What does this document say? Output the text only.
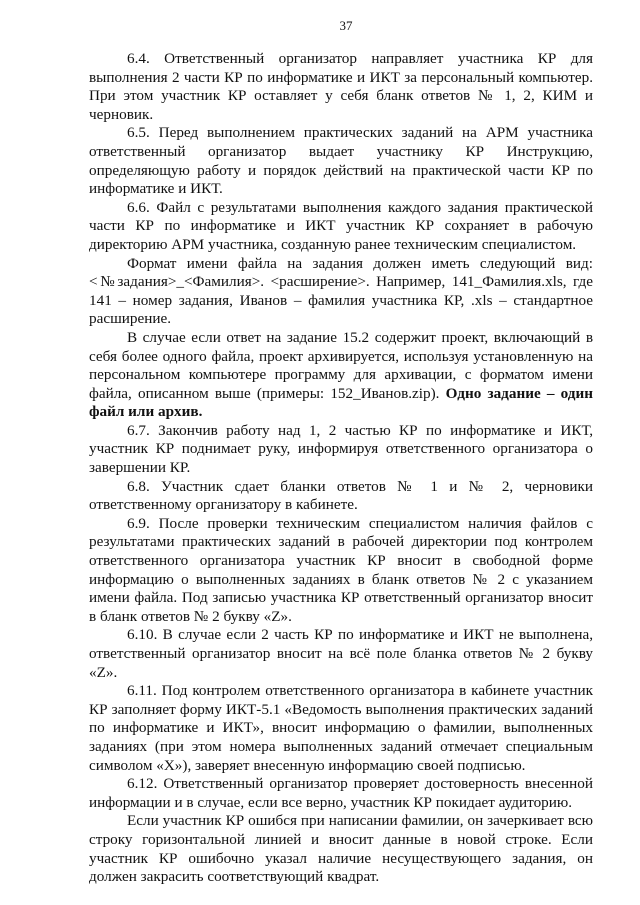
37

6.4. Ответственный организатор направляет участника КР для выполнения 2 части КР по информатике и ИКТ за персональный компьютер. При этом участник КР оставляет у себя бланк ответов № 1, 2, КИМ и черновик.

6.5. Перед выполнением практических заданий на АРМ участника ответственный организатор выдает участнику КР Инструкцию, определяющую работу и порядок действий на практической части КР по информатике и ИКТ.

6.6. Файл с результатами выполнения каждого задания практической части КР по информатике и ИКТ участник КР сохраняет в рабочую директорию АРМ участника, созданную ранее техническим специалистом.

Формат имени файла на задания должен иметь следующий вид: <№задания>_<Фамилия>. <расширение>. Например, 141_Фамилия.xls, где 141 – номер задания, Иванов – фамилия участника КР, .xls – стандартное расширение.

В случае если ответ на задание 15.2 содержит проект, включающий в себя более одного файла, проект архивируется, используя установленную на персональном компьютере программу для архивации, с форматом имени файла, описанном выше (примеры: 152_Иванов.zip). Одно задание – один файл или архив.

6.7. Закончив работу над 1, 2 частью КР по информатике и ИКТ, участник КР поднимает руку, информируя ответственного организатора о завершении КР.

6.8. Участник сдает бланки ответов № 1 и № 2, черновики ответственному организатору в кабинете.

6.9. После проверки техническим специалистом наличия файлов с результатами практических заданий в рабочей директории под контролем ответственного организатора участник КР вносит в свободной форме информацию о выполненных заданиях в бланк ответов № 2 с указанием имени файла. Под записью участника КР ответственный организатор вносит в бланк ответов № 2 букву «Z».

6.10. В случае если 2 часть КР по информатике и ИКТ не выполнена, ответственный организатор вносит на всё поле бланка ответов № 2 букву «Z».

6.11. Под контролем ответственного организатора в кабинете участник КР заполняет форму ИКТ-5.1 «Ведомость выполнения практических заданий по информатике и ИКТ», вносит информацию о фамилии, выполненных заданиях (при этом номера выполненных заданий отмечает специальным символом «X»), заверяет внесенную информацию своей подписью.

6.12. Ответственный организатор проверяет достоверность внесенной информации и в случае, если все верно, участник КР покидает аудиторию.

Если участник КР ошибся при написании фамилии, он зачеркивает всю строку горизонтальной линией и вносит данные в новой строке. Если участник КР ошибочно указал наличие несуществующего задания, он должен закрасить соответствующий квадрат.
